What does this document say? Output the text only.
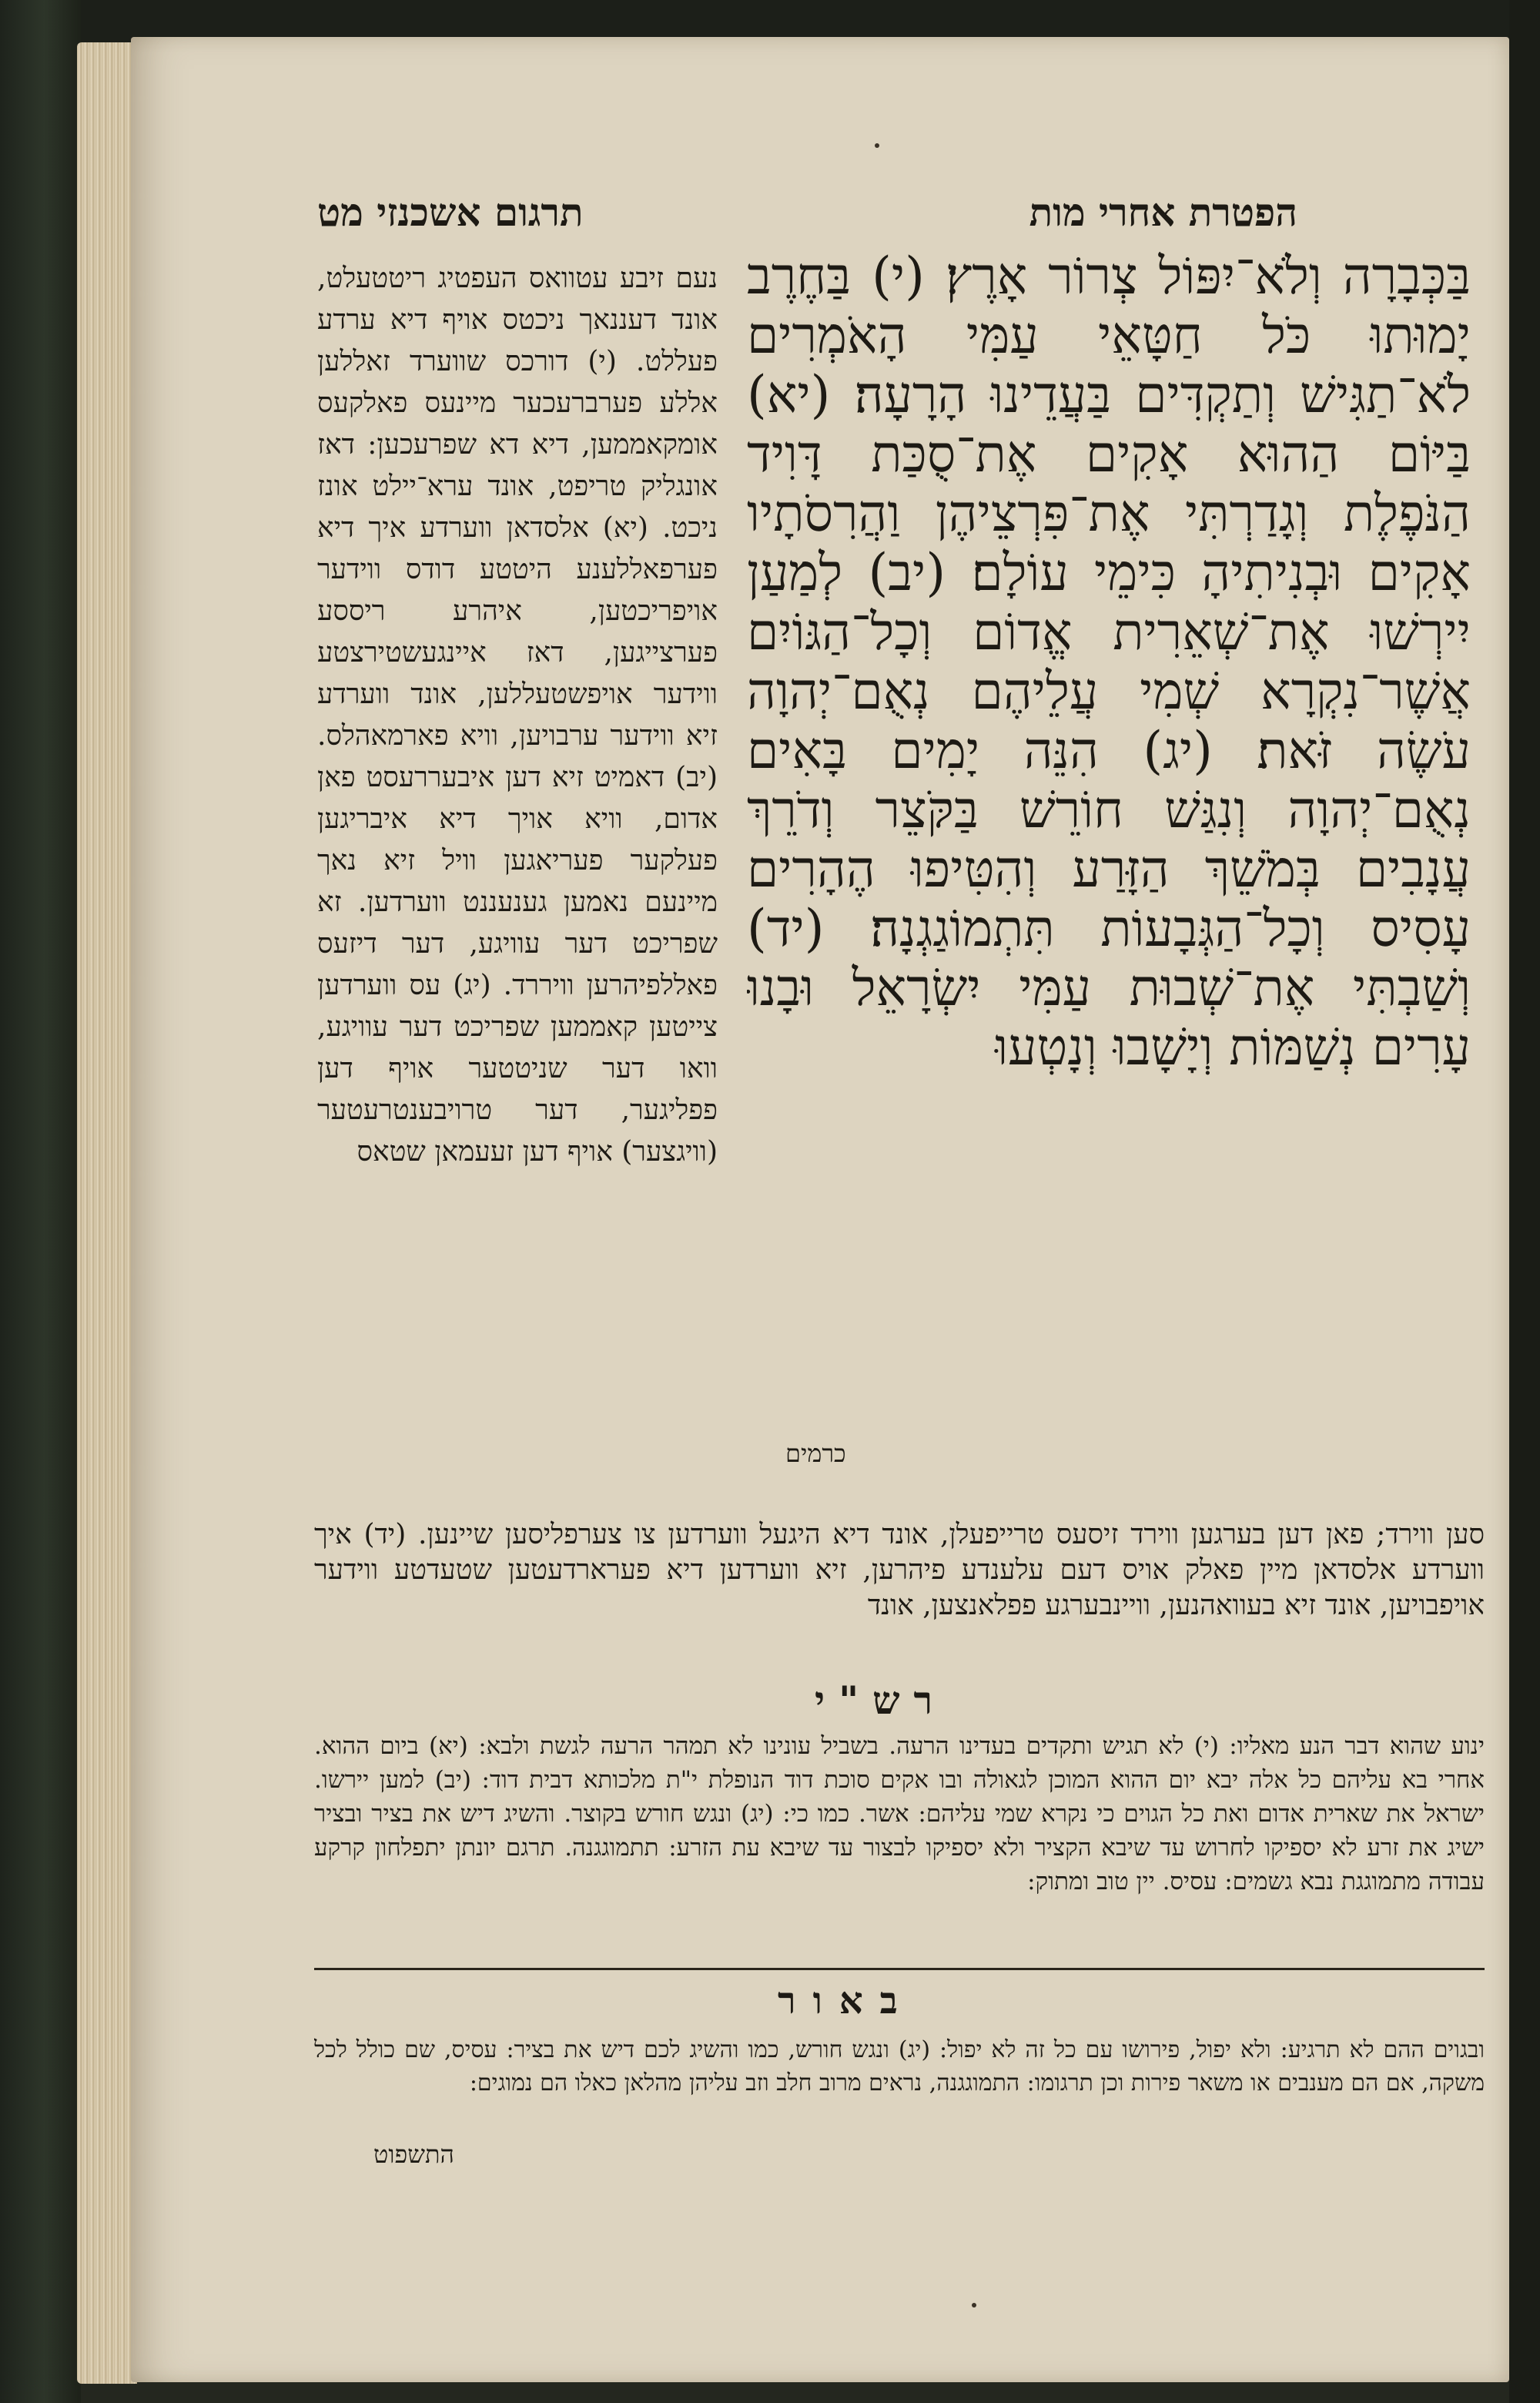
הפטרת אחרי מות
תרגום אשכנזי מט
בַּכְּבָרָה וְלֹא־יִפּוֹל צְרוֹר אָרֶץ׃ (י) בַּחֶרֶב יָמוּתוּ כֹּל חַטָּאֵי עַמִּי הָאֹמְרִים לֹא־תַגִּישׁ וְתַקְדִּים בַּעֲדֵינוּ הָרָעָה׃ (יא) בַּיּוֹם הַהוּא אָקִים אֶת־סֻכַּת דָּוִיד הַנֹּפֶלֶת וְגָדַרְתִּי אֶת־פִּרְצֵיהֶן וַהֲרִסֹתָיו אָקִים וּבְנִיתִיהָ כִּימֵי עוֹלָם׃ (יב) לְמַעַן יִירְשׁוּ אֶת־שְׁאֵרִית אֱדוֹם וְכָל־הַגּוֹיִם אֲשֶׁר־נִקְרָא שְׁמִי עֲלֵיהֶם נְאֻם־יְהוָה עֹשֶׂה זֹּאת׃ (יג) הִנֵּה יָמִים בָּאִים נְאֻם־יְהוָה וְנִגַּשׁ חוֹרֵשׁ בַּקֹּצֵר וְדֹרֵךְ עֲנָבִים בְּמֹשֵׁךְ הַזָּרַע וְהִטִּיפוּ הֶהָרִים עָסִיס וְכָל־הַגְּבָעוֹת תִּתְמוֹגַגְנָה׃ (יד) וְשַׁבְתִּי אֶת־שְׁבוּת עַמִּי יִשְׂרָאֵל וּבָנוּ עָרִים נְשַׁמּוֹת וְיָשָׁבוּ וְנָטְעוּ
כרמים
נעם זיבע עטוואס העפטיג ריטטעלט, אונד דעננאך ניכטס אויף דיא ערדע פעללט. (י) דורכס שווערד זאללען אללע פערברעכער מיינעס פאלקעס אומקאממען, דיא דא שפרעכען: דאז אונגליק טריפט, אונד ערא־יילט אונז ניכט. (יא) אלסדאן ווערדע איך דיא פערפאללענע היטטע דודס ווידער אויפריכטען, איהרע ריססע פערצייגען, דאז איינגעשטירצטע ווידער אויפשטעללען, אונד ווערדע זיא ווידער ערבויען, וויא פארמאהלס. (יב) דאמיט זיא דען איבעררעסט פאן אדום, וויא אויך דיא איבריגען פעלקער פעריאגען וויל זיא נאך מיינעם נאמען גענעננט ווערדען. זא שפריכט דער עוויגע, דער דיזעס פאללפיהרען וויררד. (יג) עס ווערדען צייטען קאממען שפריכט דער עוויגע, וואו דער שניטטער אויף דען פפליגער, דער טרויבענטרעטער (וויגצער) אויף דען זעעמאן שטאס
סען ווירד; פאן דען בערגען ווירד זיסעס טרייפעלן, אונד דיא היגעל ווערדען צו צערפליסען שיינען. (יד) איך ווערדע אלסדאן מיין פאלק אויס דעם עלענדע פיהרען, זיא ווערדען דיא פערארדעטען שטעדטע ווידער אויפבויען, אונד זיא בעוואהנען, וויינבערגע פפלאנצען, אונד
רש"י
ינוע שהוא דבר הנע מאליו: (י) לא תגיש ותקדים בעדינו הרעה. בשביל עונינו לא תמהר הרעה לגשת ולבא: (יא) ביום ההוא. אחרי בא עליהם כל אלה יבא יום ההוא המוכן לגאולה ובו אקים סוכת דוד הנופלת י"ת מלכותא דבית דוד: (יב) למען יירשו. ישראל את שארית אדום ואת כל הגוים כי נקרא שמי עליהם: אשר. כמו כי: (יג) ונגש חורש בקוצר. והשיג דיש את בציר ובציר ישיג את זרע לא יספיקו לחרוש עד שיבא הקציר ולא יספיקו לבצור עד שיבא עת הזרע: תתמוגגנה. תרגם יונתן יתפלחון קרקע עבודה מתמוגגת נבא גשמים: עסיס. יין טוב ומתוק:
באור
ובגוים ההם לא תרגיע: ולא יפול, פירושו עם כל זה לא יפול: (יג) ונגש חורש, כמו והשיג לכם דיש את בציר: עסיס, שם כולל לכל משקה, אם הם מענבים או משאר פירות וכן תרגומו: התמוגגנה, נראים מרוב חלב וזב עליהן מהלאן כאלו הם נמוגים:
התשפוט
